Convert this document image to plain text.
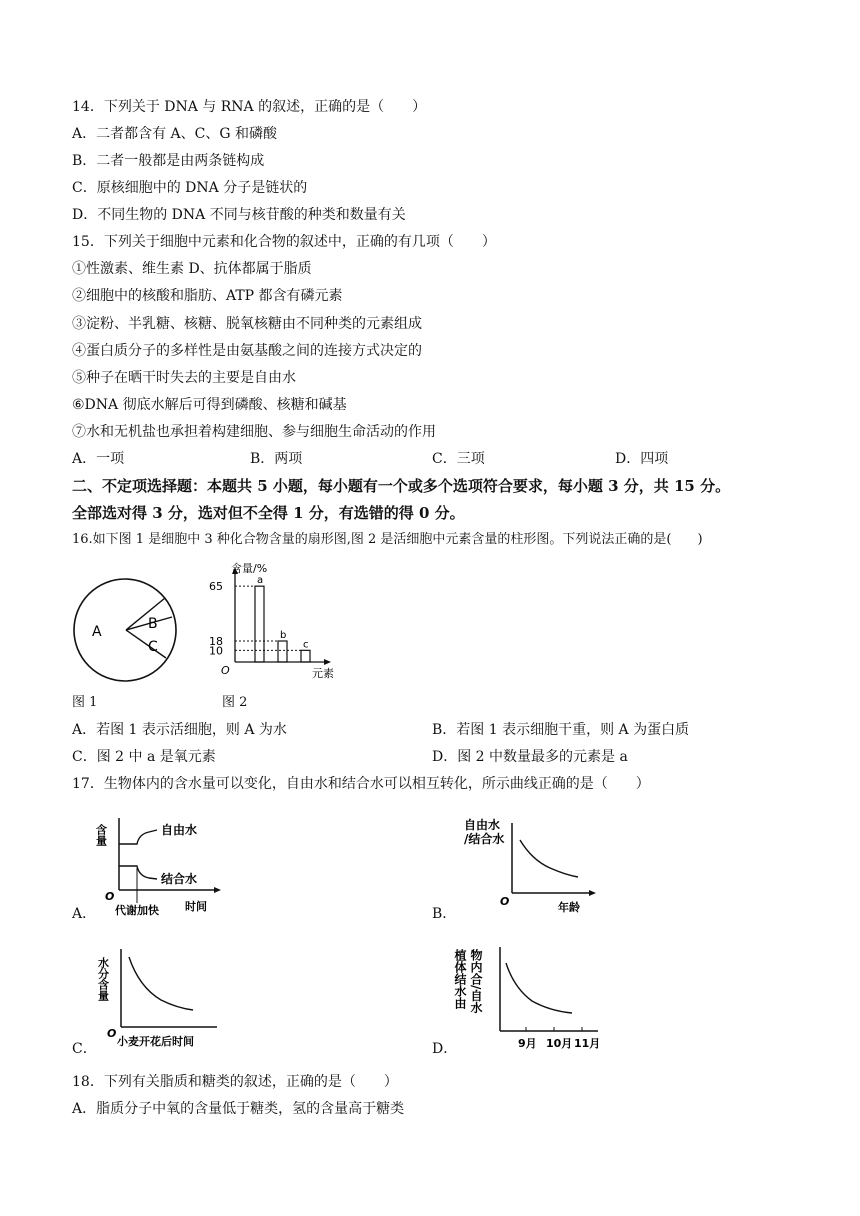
14．下列关于 DNA 与 RNA 的叙述，正确的是（　　）
A．二者都含有 A、C、G 和磷酸
B．二者一般都是由两条链构成
C．原核细胞中的 DNA 分子是链状的
D．不同生物的 DNA 不同与核苷酸的种类和数量有关
15．下列关于细胞中元素和化合物的叙述中，正确的有几项（　　）
①性激素、维生素 D、抗体都属于脂质
②细胞中的核酸和脂肪、ATP 都含有磷元素
③淀粉、半乳糖、核糖、脱氧核糖由不同种类的元素组成
④蛋白质分子的多样性是由氨基酸之间的连接方式决定的
⑤种子在晒干时失去的主要是自由水
⑥DNA 彻底水解后可得到磷酸、核糖和碱基
⑦水和无机盐也承担着构建细胞、参与细胞生命活动的作用
A．一项	B．两项	C．三项	D．四项
二、不定项选择题：本题共 5 小题，每小题有一个或多个选项符合要求，每小题 3 分，共 15 分。
全部选对得 3 分，选对但不全得 1 分，有选错的得 0 分。
16.如下图 1 是细胞中 3 种化合物含量的扇形图,图 2 是活细胞中元素含量的柱形图。下列说法正确的是(　　)
A	B
C
含量/%
O	元素
a
b
c
65
18
10
图 1	图 2
A．若图 1 表示活细胞，则 A 为水	B．若图 1 表示细胞干重，则 A 为蛋白质
C．图 2 中 a 是氧元素	D．图 2 中数量最多的元素是 a
17．生物体内的含水量可以变化，自由水和结合水可以相互转化，所示曲线正确的是（　　）
含量	自由水
结合水
O
代谢加快 时间
A．
自由水
/结合水
O	年龄
B．
水分含量
O
小麦开花后时间
C．
植体结水由 物内合/自水
9月 10月 11月
D．
18．下列有关脂质和糖类的叙述，正确的是（　　）
A．脂质分子中氧的含量低于糖类，氢的含量高于糖类
